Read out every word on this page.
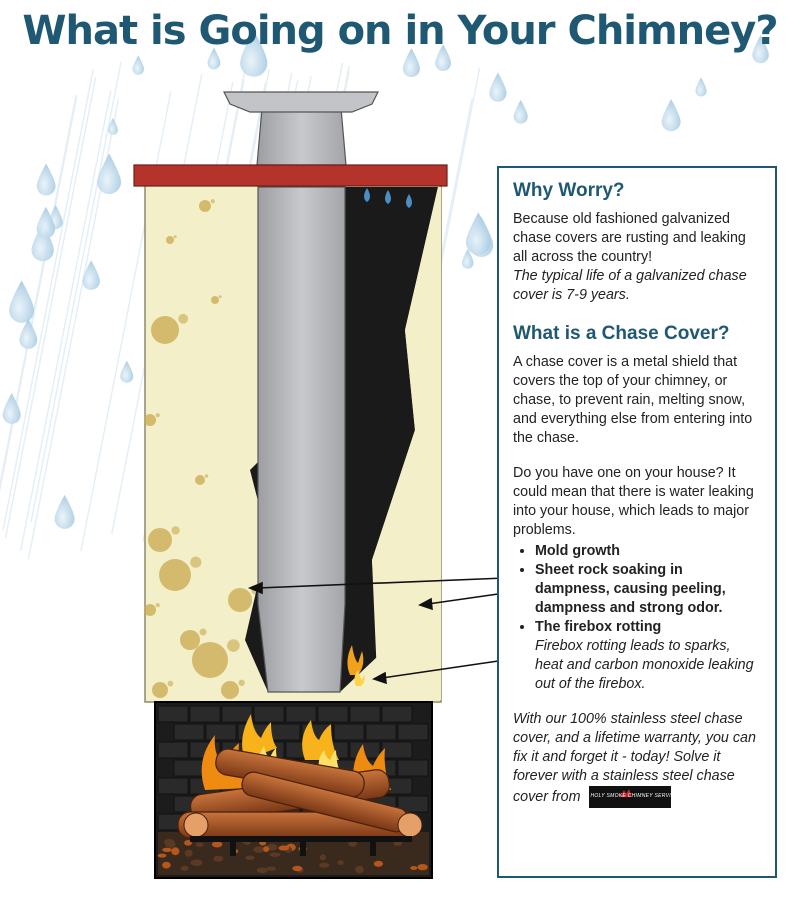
What is Going on in Your Chimney?
Why Worry?

Because old fashioned galvanized chase covers are rusting and leaking all across the country!

The typical life of a galvanized chase cover is 7-9 years.

What is a Chase Cover?

A chase cover is a metal shield that covers the top of your chimney, or chase, to prevent rain, melting snow, and everything else from entering into the chase.

Do you have one on your house? It could mean that there is water leaking into your house, which leads to major problems.

• Mold growth
• Sheet rock soaking in dampness, causing peeling, dampness and strong odor.
• The firebox rotting
Firebox rotting leads to sparks, heat and carbon monoxide leaking out of the firebox.

With our 100% stainless steel chase cover, and a lifetime warranty, you can fix it and forget it - today! Solve it forever with a stainless steel chase cover from HOLY SMOKE CHIMNEY SERVICE
